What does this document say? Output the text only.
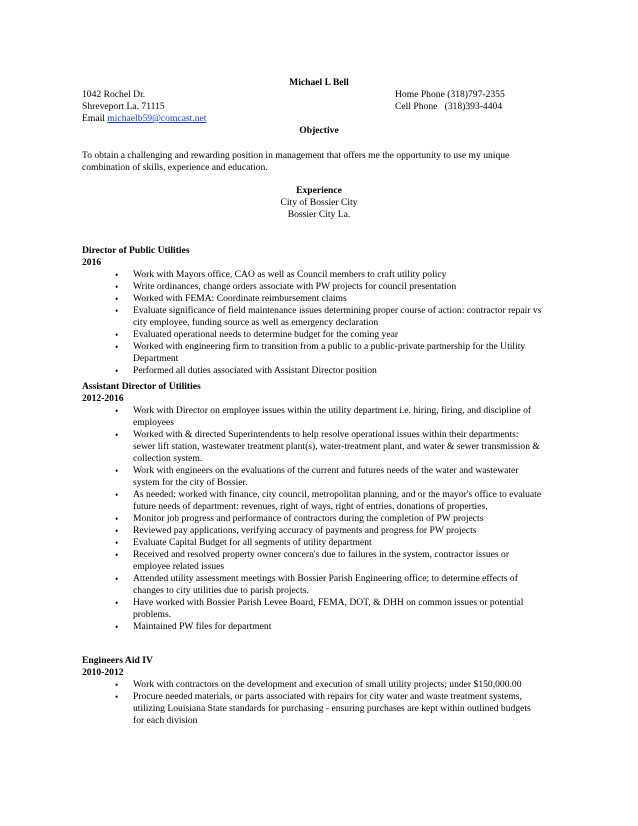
Michael L Bell
1042 Rochel Dr.	Home Phone (318)797-2355
Shreveport La. 71115	Cell Phone   (318)393-4404
Email michaelb59@comcast.net
Objective
To obtain a challenging and rewarding position in management that offers me the opportunity to use my unique combination of skills, experience and education.
Experience
City of Bossier City
Bossier City La.
Director of Public Utilities
2016
• Work with Mayors office, CAO as well as Council members to craft utility policy
• Write ordinances, change orders associate with PW projects for council presentation
• Worked with FEMA: Coordinate reimbursement claims
• Evaluate significance of field maintenance issues determining proper course of action: contractor repair vs city employee, funding source as well as emergency declaration
• Evaluated operational needs to determine budget for the coming year
• Worked with engineering firm to transition from a public to a public-private partnership for the Utility Department
• Performed all duties associated with Assistant Director position
Assistant Director of Utilities
2012-2016
• Work with Director on employee issues within the utility department i.e. hiring, firing, and discipline of employees
• Worked with & directed Superintendents to help resolve operational issues within their departments: sewer lift station, wastewater treatment plant(s), water-treatment plant, and water & sewer transmission & collection system.
• Work with engineers on the evaluations of the current and futures needs of the water and wastewater system for the city of Bossier.
• As needed: worked with finance, city council, metropolitan planning, and or the mayor's office to evaluate future needs of department: revenues, right of ways, right of entries, donations of properties,
• Monitor job progress and performance of contractors during the completion of PW projects
• Reviewed pay applications, verifying accuracy of payments and progress for PW projects
• Evaluate Capital Budget for all segments of utility department
• Received and resolved property owner concern's due to failures in the system, contractor issues or employee related issues
• Attended utility assessment meetings with Bossier Parish Engineering office; to determine effects of changes to city utilities due to parish projects.
• Have worked with Bossier Parish Levee Board, FEMA, DOT, & DHH on common issues or potential problems.
• Maintained PW files for department
Engineers Aid IV
2010-2012
• Work with contractors on the development and execution of small utility projects; under $150,000.00
• Procure needed materials, or parts associated with repairs for city water and waste treatment systems, utilizing Louisiana State standards for purchasing - ensuring purchases are kept within outlined budgets for each division
